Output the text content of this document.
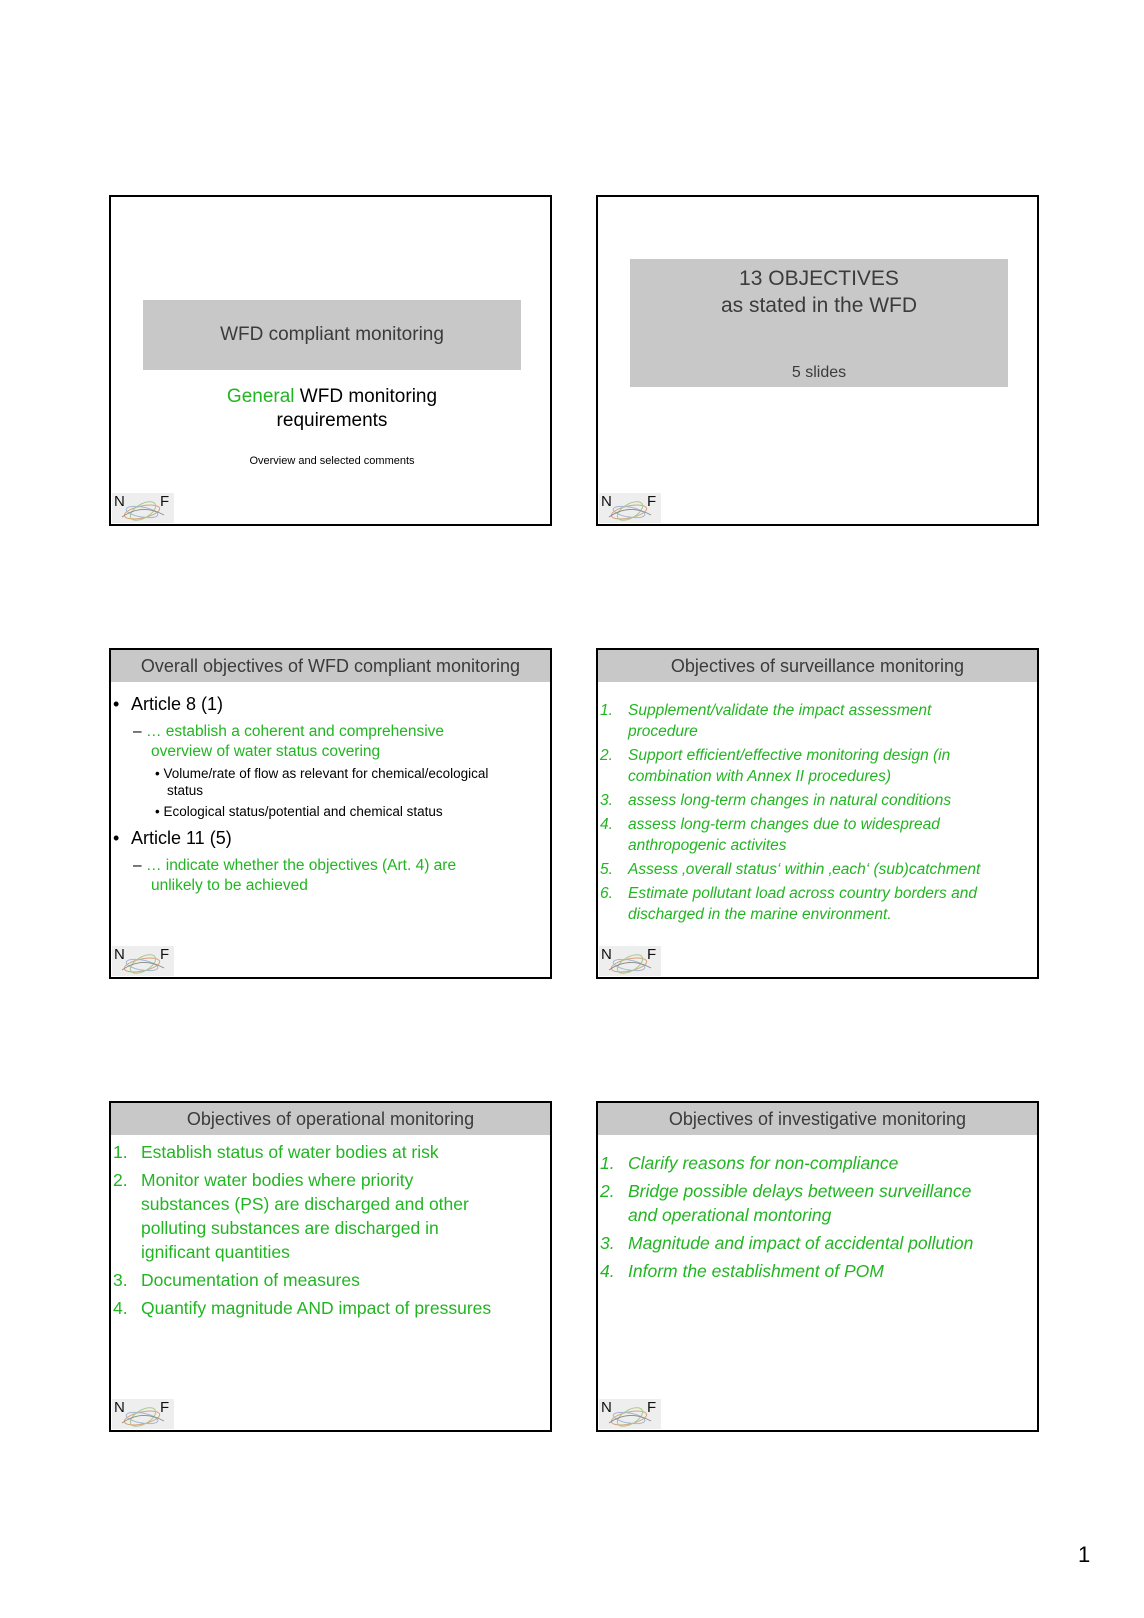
WFD compliant monitoring
General WFD monitoring
requirements
Overview and selected comments
N F
13 OBJECTIVES
as stated in the WFD
5 slides
N F
Overall objectives of WFD compliant monitoring
• Article 8 (1)
– … establish a coherent and comprehensive
overview of water status covering
• Volume/rate of flow as relevant for chemical/ecological
status
• Ecological status/potential and chemical status
• Article 11 (5)
– … indicate whether the objectives (Art. 4) are
unlikely to be achieved
N F
Objectives of surveillance monitoring
1. Supplement/validate the impact assessment
procedure
2. Support efficient/effective monitoring design (in
combination with Annex II procedures)
3. assess long-term changes in natural conditions
4. assess long-term changes due to widespread
anthropogenic activites
5. Assess ‚overall status‘ within ‚each‘ (sub)catchment
6. Estimate pollutant load across country borders and
discharged in the marine environment.
N F
Objectives of operational monitoring
1. Establish status of water bodies at risk
2. Monitor water bodies where priority
substances (PS) are discharged and other
polluting substances are discharged in
ignificant quantities
3. Documentation of measures
4. Quantify magnitude AND impact of pressures
N F
Objectives of investigative monitoring
1. Clarify reasons for non-compliance
2. Bridge possible delays between surveillance
and operational montoring
3. Magnitude and impact of accidental pollution
4. Inform the establishment of POM
N F
1
